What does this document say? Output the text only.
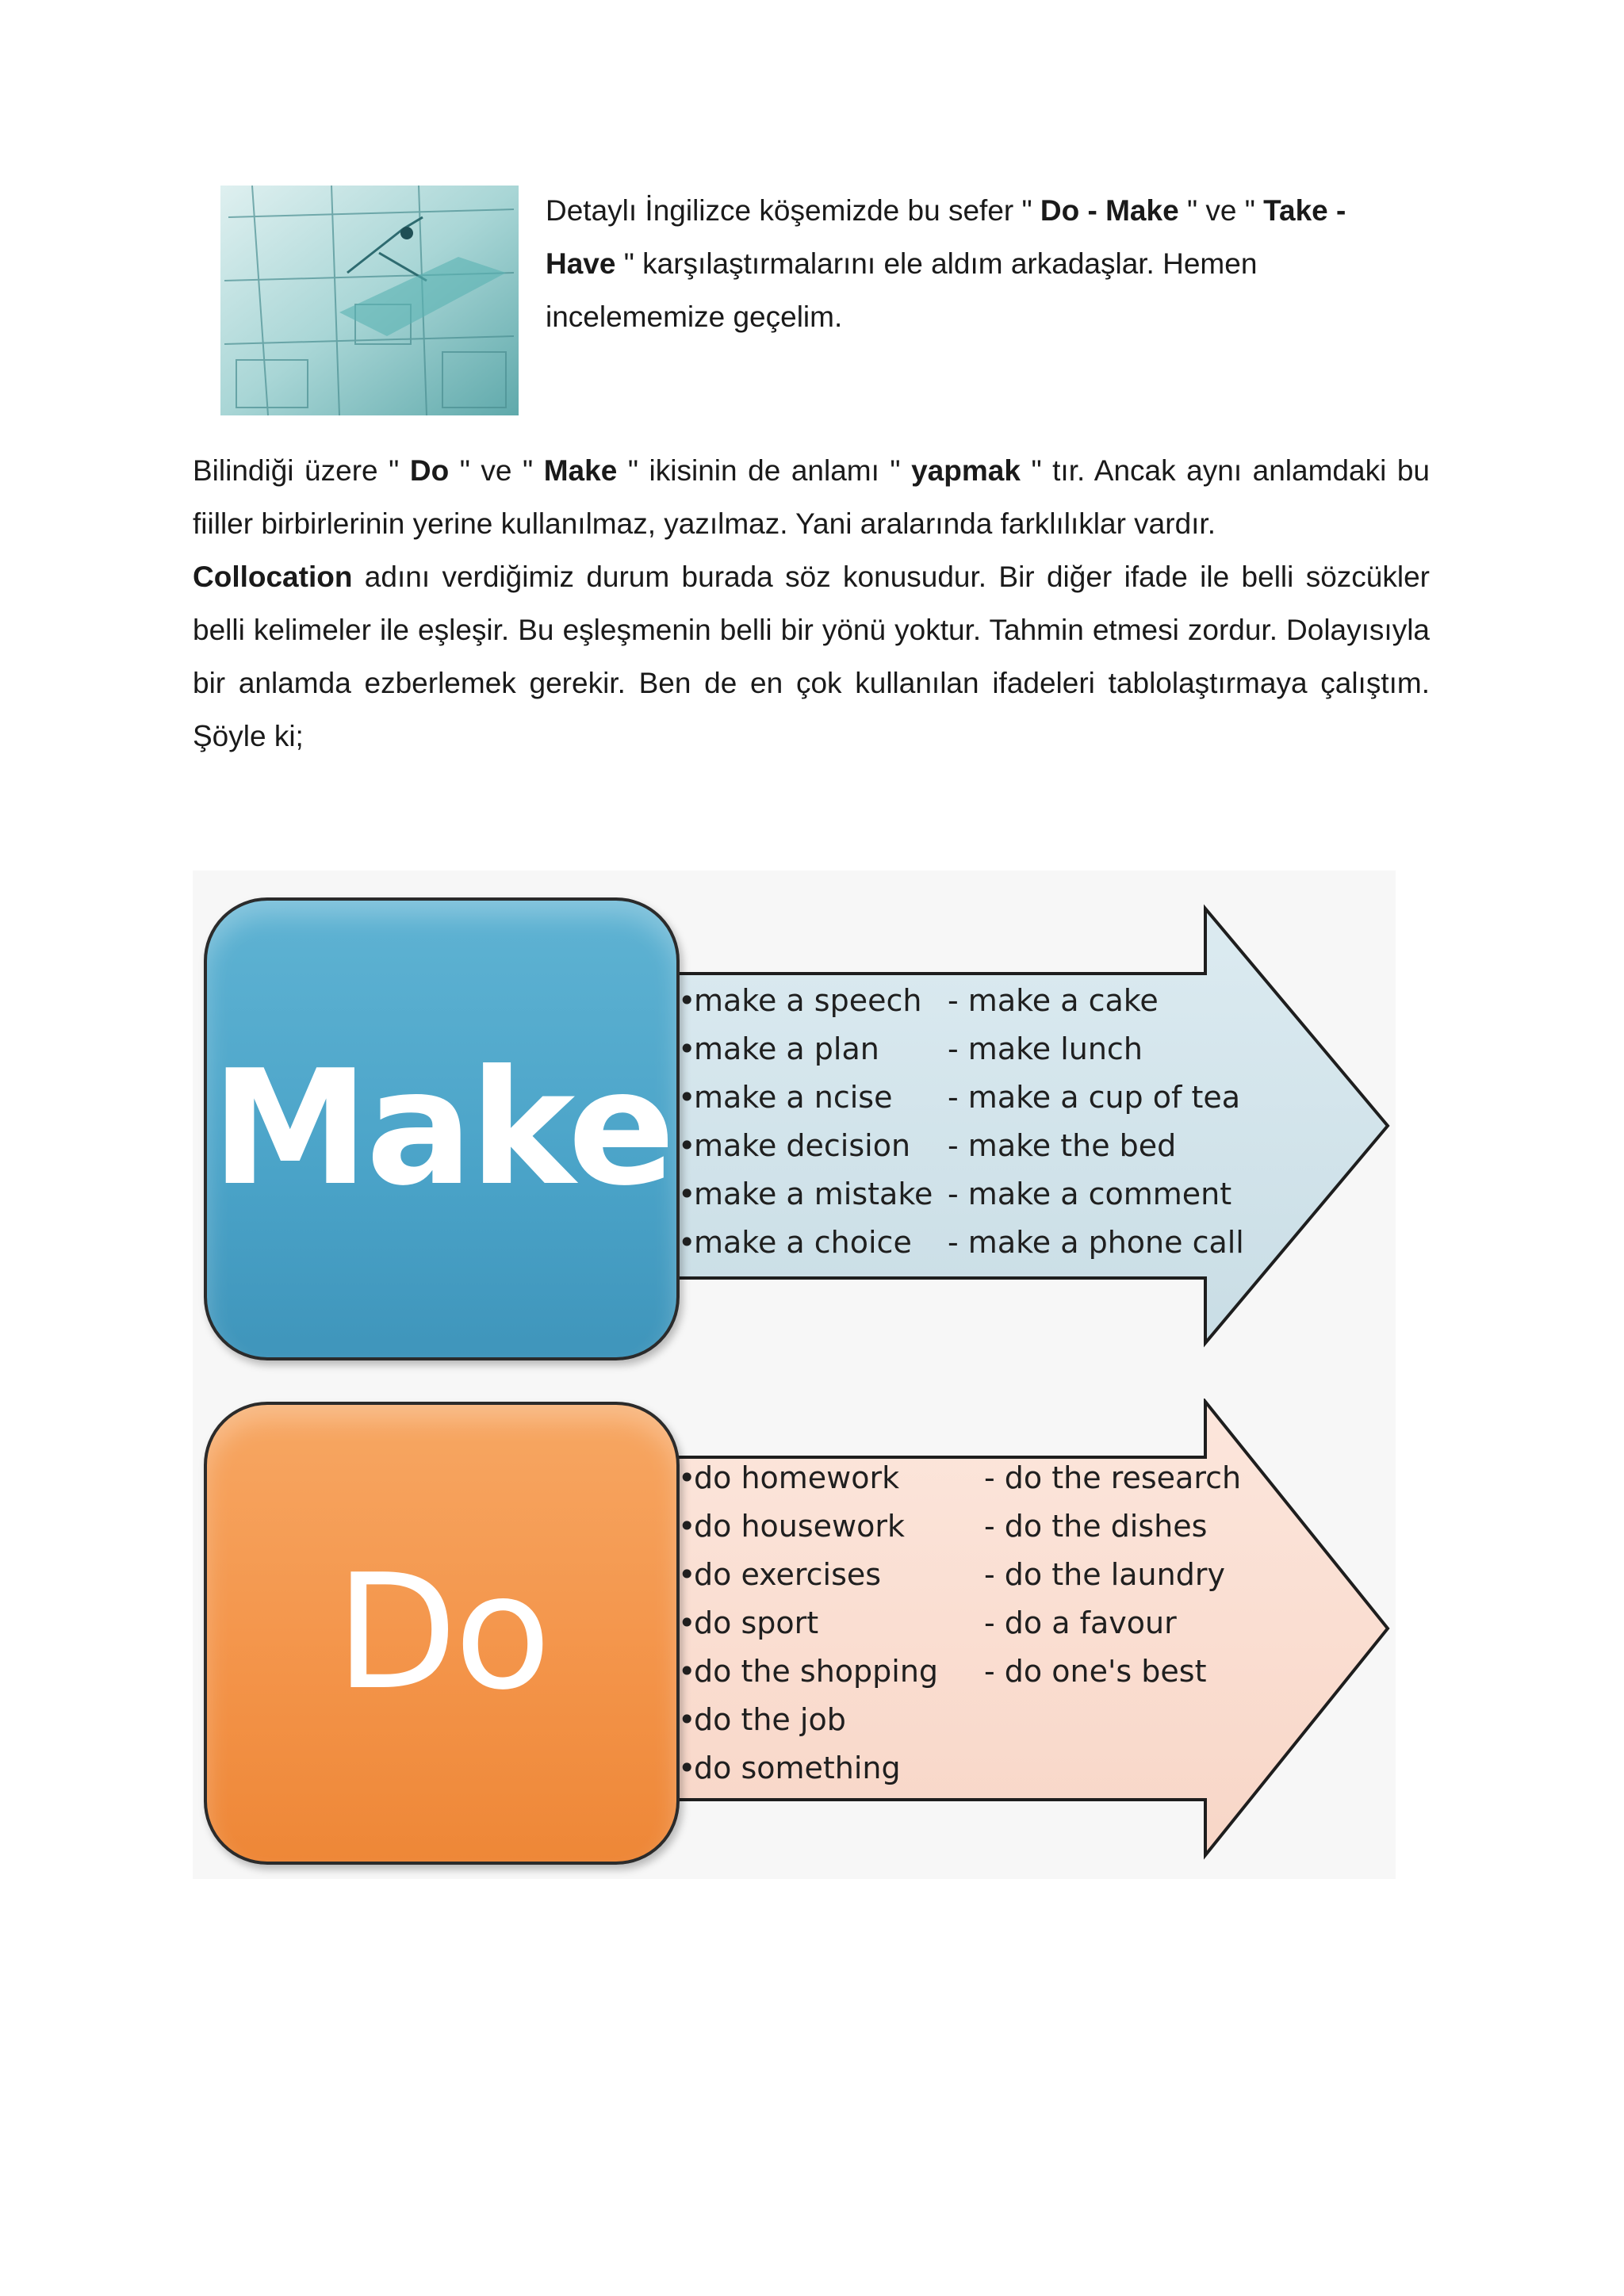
Detaylı İngilizce köşemizde bu sefer " Do - Make " ve " Take - Have " karşılaştırmalarını ele aldım arkadaşlar. Hemen incelememize geçelim.

Bilindiği üzere " Do " ve " Make " ikisinin de anlamı " yapmak " tır. Ancak aynı anlamdaki bu fiiller birbirlerinin yerine kullanılmaz, yazılmaz. Yani aralarında farklılıklar vardır.

Collocation adını verdiğimiz durum burada söz konusudur. Bir diğer ifade ile belli sözcükler belli kelimeler ile eşleşir. Bu eşleşmenin belli bir yönü yoktur. Tahmin etmesi zordur. Dolayısıyla bir anlamda ezberlemek gerekir. Ben de en çok kullanılan ifadeleri tablolaştırmaya çalıştım. Şöyle ki;

Make
• make a speech
• make a plan
• make a ncise
• make decision
• make a mistake
• make a choice
- make a cake
- make lunch
- make a cup of tea
- make the bed
- make a comment
- make a phone call
Do
• do homework
• do housework
• do exercises
• do sport
• do the shopping
• do the job
• do something
- do the research
- do the dishes
- do the laundry
- do a favour
- do one's best
